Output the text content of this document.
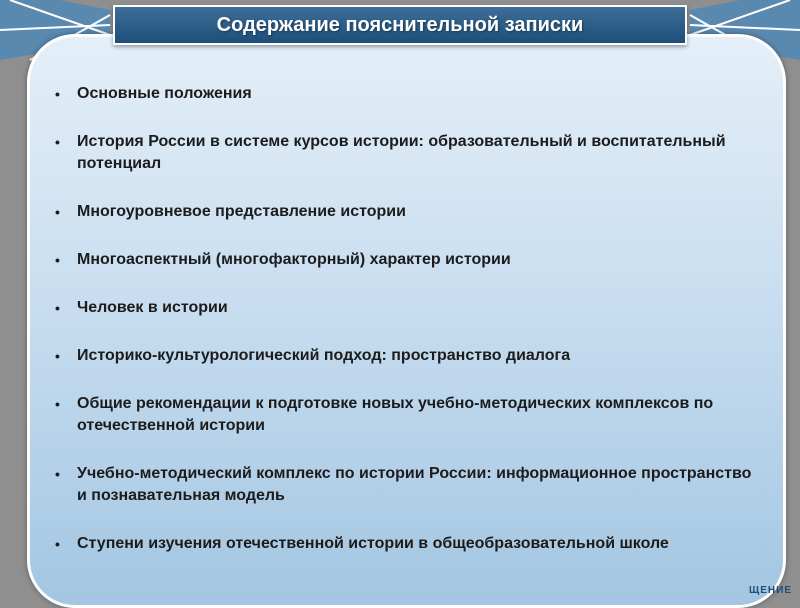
Содержание пояснительной записки
• Основные положения
• История России в системе курсов истории: образовательный и воспитательный потенциал
• Многоуровневое представление истории
• Многоаспектный (многофакторный) характер истории
• Человек в истории
• Историко-культурологический подход: пространство диалога
• Общие рекомендации к подготовке новых учебно-методических комплексов по отечественной истории
• Учебно-методический комплекс по истории России: информационное пространство и познавательная модель
• Ступени изучения отечественной истории в общеобразовательной школе
ЩЕНИЕ
